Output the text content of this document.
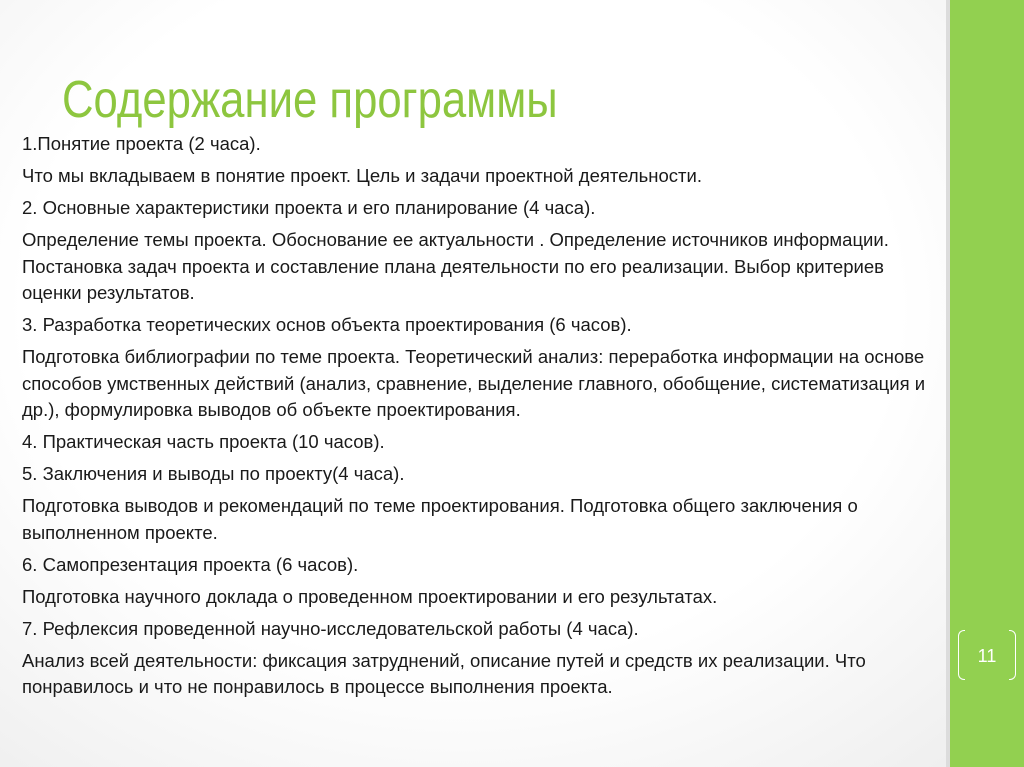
11
Содержание программы
1.Понятие проекта (2 часа).
Что мы вкладываем в понятие проект. Цель и задачи проектной деятельности.
2. Основные характеристики проекта и его планирование (4 часа).
Определение темы проекта. Обоснование ее актуальности . Определение источников информации. Постановка задач проекта и составление плана деятельности по его реализации. Выбор критериев оценки результатов.
3. Разработка теоретических основ объекта проектирования (6 часов).
Подготовка библиографии по теме проекта. Теоретический анализ: переработка информации на основе способов умственных действий (анализ, сравнение, выделение главного, обобщение, систематизация и др.), формулировка выводов об объекте проектирования.
4. Практическая часть проекта (10 часов).
5. Заключения и выводы по проекту(4 часа).
Подготовка выводов и рекомендаций по теме проектирования. Подготовка общего заключения о выполненном проекте.
6. Самопрезентация проекта (6 часов).
Подготовка научного доклада о проведенном проектировании и его результатах.
7. Рефлексия проведенной научно-исследовательской работы (4 часа).
Анализ всей деятельности: фиксация затруднений, описание путей и средств их реализации. Что понравилось и что не понравилось в процессе выполнения проекта.
